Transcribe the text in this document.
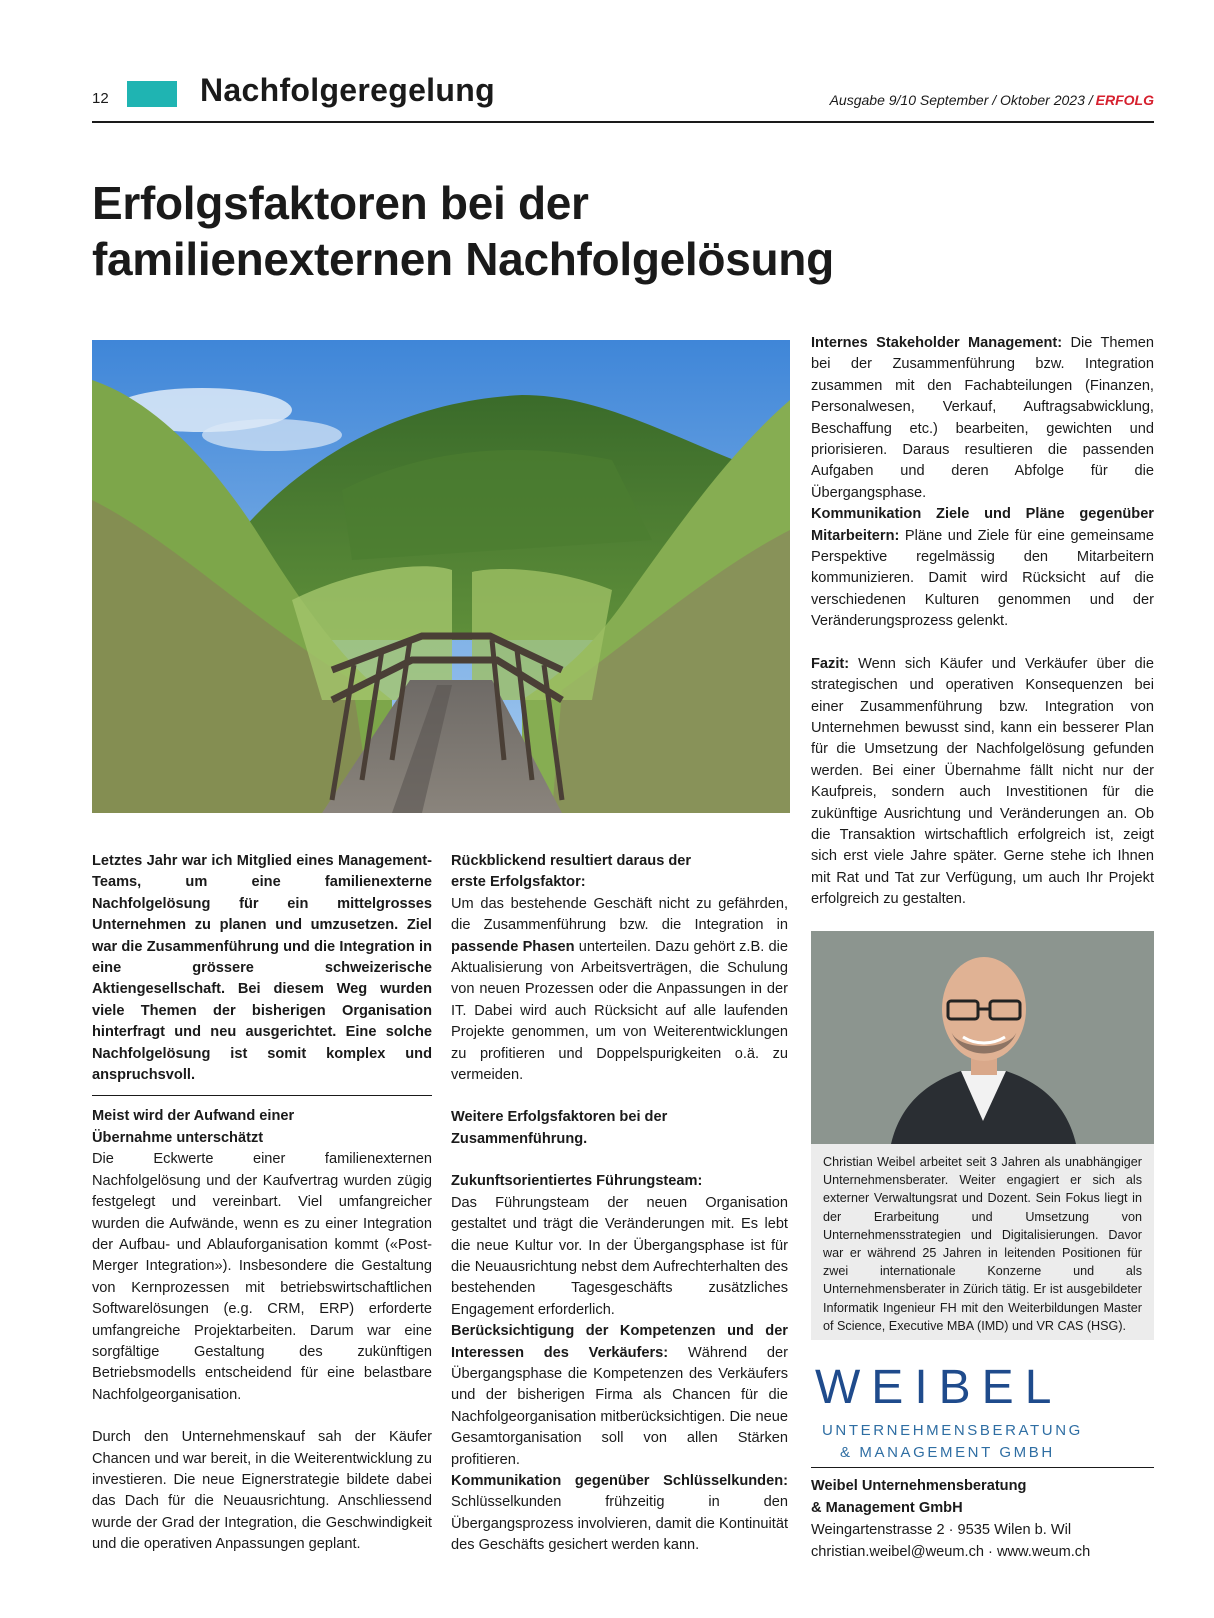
12	Nachfolgeregelung	Ausgabe 9/10 September / Oktober 2023 / ERFOLG
Erfolgsfaktoren bei der
familienexternen Nachfolgelösung

Letztes Jahr war ich Mitglied eines Management-Teams, um eine familienexterne Nachfolgelösung für ein mittelgrosses Unternehmen zu planen und umzusetzen. Ziel war die Zusammenführung und die Integration in eine grössere schweizerische Aktiengesellschaft. Bei diesem Weg wurden viele Themen der bisherigen Organisation hinterfragt und neu ausgerichtet. Eine solche Nachfolgelösung ist somit komplex und anspruchsvoll.

Meist wird der Aufwand einer

Übernahme unterschätzt

Die Eckwerte einer familienexternen Nachfolgelösung und der Kaufvertrag wurden zügig festgelegt und vereinbart. Viel umfangreicher wurden die Aufwände, wenn es zu einer Integration der Aufbau- und Ablauforganisation kommt («Post-Merger Integration»). Insbesondere die Gestaltung von Kernprozessen mit betriebswirtschaftlichen Softwarelösungen (e.g. CRM, ERP) erforderte umfangreiche Projektarbeiten. Darum war eine sorgfältige Gestaltung des zukünftigen Betriebsmodells entscheidend für eine belastbare Nachfolgeorganisation.

Durch den Unternehmenskauf sah der Käufer Chancen und war bereit, in die Weiterentwicklung zu investieren. Die neue Eignerstrategie bildete dabei das Dach für die Neuausrichtung. Anschliessend wurde der Grad der Integration, die Geschwindigkeit und die operativen Anpassungen geplant.

Rückblickend resultiert daraus der

erste Erfolgsfaktor:

Um das bestehende Geschäft nicht zu gefährden, die Zusammenführung bzw. die Integration in passende Phasen unterteilen. Dazu gehört z.B. die Aktualisierung von Arbeitsverträgen, die Schulung von neuen Prozessen oder die Anpassungen in der IT. Dabei wird auch Rücksicht auf alle laufenden Projekte genommen, um von Weiterentwicklungen zu profitieren und Doppelspurigkeiten o.ä. zu vermeiden.

Weitere Erfolgsfaktoren bei der

Zusammenführung.

Zukunftsorientiertes Führungsteam:

Das Führungsteam der neuen Organisation gestaltet und trägt die Veränderungen mit. Es lebt die neue Kultur vor. In der Übergangsphase ist für die Neuausrichtung nebst dem Aufrechterhalten des bestehenden Tagesgeschäfts zusätzliches Engagement erforderlich.

Berücksichtigung der Kompetenzen und der Interessen des Verkäufers: Während der Übergangsphase die Kompetenzen des Verkäufers und der bisherigen Firma als Chancen für die Nachfolgeorganisation mitberücksichtigen. Die neue Gesamtorganisation soll von allen Stärken profitieren.

Kommunikation gegenüber Schlüsselkunden: Schlüsselkunden frühzeitig in den Übergangsprozess involvieren, damit die Kontinuität des Geschäfts gesichert werden kann.

Internes Stakeholder Management: Die Themen bei der Zusammenführung bzw. Integration zusammen mit den Fachabteilungen (Finanzen, Personalwesen, Verkauf, Auftragsabwicklung, Beschaffung etc.) bearbeiten, gewichten und priorisieren. Daraus resultieren die passenden Aufgaben und deren Abfolge für die Übergangsphase.

Kommunikation Ziele und Pläne gegenüber Mitarbeitern: Pläne und Ziele für eine gemeinsame Perspektive regelmässig den Mitarbeitern kommunizieren. Damit wird Rücksicht auf die verschiedenen Kulturen genommen und der Veränderungsprozess gelenkt.

Fazit: Wenn sich Käufer und Verkäufer über die strategischen und operativen Konsequenzen bei einer Zusammenführung bzw. Integration von Unternehmen bewusst sind, kann ein besserer Plan für die Umsetzung der Nachfolgelösung gefunden werden. Bei einer Übernahme fällt nicht nur der Kaufpreis, sondern auch Investitionen für die zukünftige Ausrichtung und Veränderungen an. Ob die Transaktion wirtschaftlich erfolgreich ist, zeigt sich erst viele Jahre später. Gerne stehe ich Ihnen mit Rat und Tat zur Verfügung, um auch Ihr Projekt erfolgreich zu gestalten.

Christian Weibel arbeitet seit 3 Jahren als unabhängiger Unternehmensberater. Weiter engagiert er sich als externer Verwaltungsrat und Dozent. Sein Fokus liegt in der Erarbeitung und Umsetzung von Unternehmensstrategien und Digitalisierungen. Davor war er während 25 Jahren in leitenden Positionen für zwei internationale Konzerne und als Unternehmensberater in Zürich tätig. Er ist ausgebildeter Informatik Ingenieur FH mit den Weiterbildungen Master of Science, Executive MBA (IMD) und VR CAS (HSG).
WEIBEL
UNTERNEHMENSBERATUNG
& MANAGEMENT GMBH
Weibel Unternehmensberatung
& Management GmbH
Weingartenstrasse 2 · 9535 Wilen b. Wil
christian.weibel@weum.ch · www.weum.ch
